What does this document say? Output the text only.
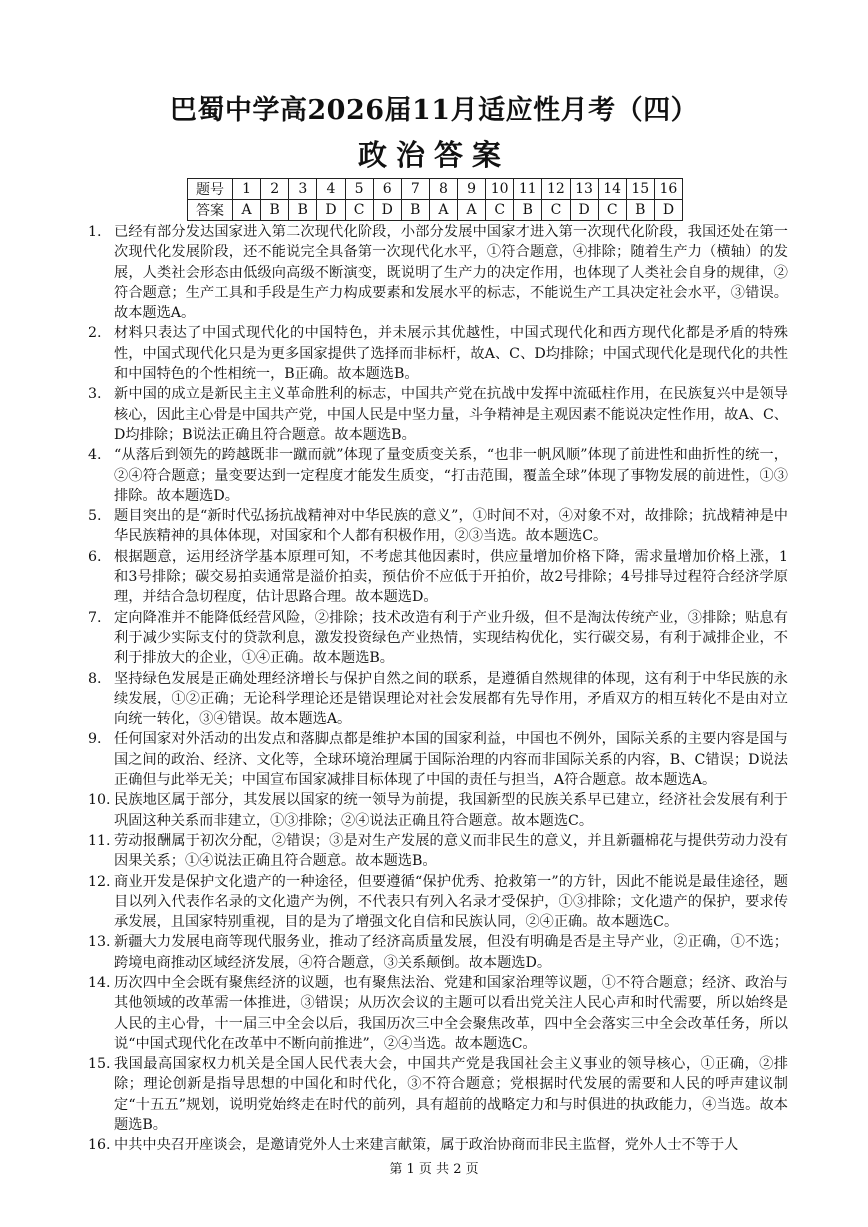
巴蜀中学高2026届11月适应性月考（四）
政治答案
题号	1	2	3	4	5	6	7	8	9	10	11	12	13	14	15	16
答案	A	B	B	D	C	D	B	A	A	C	B	C	D	C	B	D
1. 已经有部分发达国家进入第二次现代化阶段，小部分发展中国家才进入第一次现代化阶段，我国还处在第一次现代化发展阶段，还不能说完全具备第一次现代化水平，①符合题意，④排除；随着生产力（横轴）的发展，人类社会形态由低级向高级不断演变，既说明了生产力的决定作用，也体现了人类社会自身的规律，②符合题意；生产工具和手段是生产力构成要素和发展水平的标志，不能说生产工具决定社会水平，③错误。故本题选A。
2. 材料只表达了中国式现代化的中国特色，并未展示其优越性，中国式现代化和西方现代化都是矛盾的特殊性，中国式现代化只是为更多国家提供了选择而非标杆，故A、C、D均排除；中国式现代化是现代化的共性和中国特色的个性相统一，B正确。故本题选B。
3. 新中国的成立是新民主主义革命胜利的标志，中国共产党在抗战中发挥中流砥柱作用，在民族复兴中是领导核心，因此主心骨是中国共产党，中国人民是中坚力量，斗争精神是主观因素不能说决定性作用，故A、C、D均排除；B说法正确且符合题意。故本题选B。
4. “从落后到领先的跨越既非一蹴而就”体现了量变质变关系，“也非一帆风顺”体现了前进性和曲折性的统一，②④符合题意；量变要达到一定程度才能发生质变，“打击范围，覆盖全球”体现了事物发展的前进性，①③排除。故本题选D。
5. 题目突出的是“新时代弘扬抗战精神对中华民族的意义”，①时间不对，④对象不对，故排除；抗战精神是中华民族精神的具体体现，对国家和个人都有积极作用，②③当选。故本题选C。
6. 根据题意，运用经济学基本原理可知，不考虑其他因素时，供应量增加价格下降，需求量增加价格上涨，1和3号排除；碳交易拍卖通常是溢价拍卖，预估价不应低于开拍价，故2号排除；4号排导过程符合经济学原理，并结合急切程度，估计思路合理。故本题选D。
7. 定向降准并不能降低经营风险，②排除；技术改造有利于产业升级，但不是淘汰传统产业，③排除；贴息有利于减少实际支付的贷款利息，激发投资绿色产业热情，实现结构优化，实行碳交易，有利于减排企业，不利于排放大的企业，①④正确。故本题选B。
8. 坚持绿色发展是正确处理经济增长与保护自然之间的联系，是遵循自然规律的体现，这有利于中华民族的永续发展，①②正确；无论科学理论还是错误理论对社会发展都有先导作用，矛盾双方的相互转化不是由对立向统一转化，③④错误。故本题选A。
9. 任何国家对外活动的出发点和落脚点都是维护本国的国家利益，中国也不例外，国际关系的主要内容是国与国之间的政治、经济、文化等，全球环境治理属于国际治理的内容而非国际关系的内容，B、C错误；D说法正确但与此举无关；中国宣布国家减排目标体现了中国的责任与担当，A符合题意。故本题选A。
10. 民族地区属于部分，其发展以国家的统一领导为前提，我国新型的民族关系早已建立，经济社会发展有利于巩固这种关系而非建立，①③排除；②④说法正确且符合题意。故本题选C。
11. 劳动报酬属于初次分配，②错误；③是对生产发展的意义而非民生的意义，并且新疆棉花与提供劳动力没有因果关系；①④说法正确且符合题意。故本题选B。
12. 商业开发是保护文化遗产的一种途径，但要遵循“保护优秀、抢救第一”的方针，因此不能说是最佳途径，题目以列入代表作名录的文化遗产为例，不代表只有列入名录才受保护，①③排除；文化遗产的保护，要求传承发展，且国家特别重视，目的是为了增强文化自信和民族认同，②④正确。故本题选C。
13. 新疆大力发展电商等现代服务业，推动了经济高质量发展，但没有明确是否是主导产业，②正确，①不选；跨境电商推动区域经济发展，④符合题意，③关系颠倒。故本题选D。
14. 历次四中全会既有聚焦经济的议题，也有聚焦法治、党建和国家治理等议题，①不符合题意；经济、政治与其他领域的改革需一体推进，③错误；从历次会议的主题可以看出党关注人民心声和时代需要，所以始终是人民的主心骨，十一届三中全会以后，我国历次三中全会聚焦改革，四中全会落实三中全会改革任务，所以说“中国式现代化在改革中不断向前推进”，②④当选。故本题选C。
15. 我国最高国家权力机关是全国人民代表大会，中国共产党是我国社会主义事业的领导核心，①正确，②排除；理论创新是指导思想的中国化和时代化，③不符合题意；党根据时代发展的需要和人民的呼声建议制定“十五五”规划，说明党始终走在时代的前列，具有超前的战略定力和与时俱进的执政能力，④当选。故本题选B。
16. 中共中央召开座谈会，是邀请党外人士来建言献策，属于政治协商而非民主监督，党外人士不等于人
第 1 页 共 2 页
